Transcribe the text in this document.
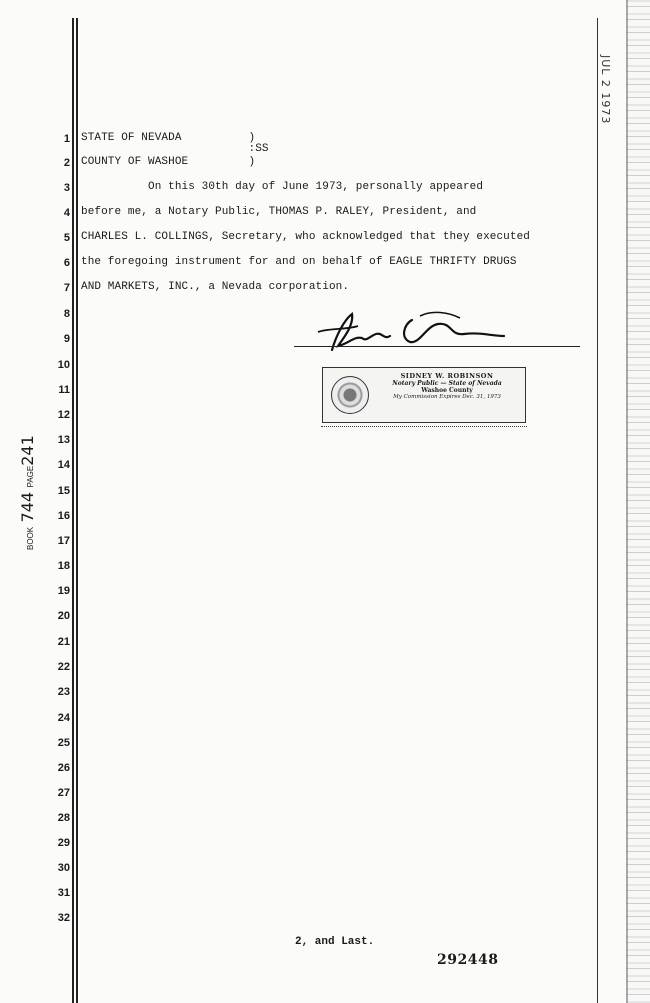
1
2
3
4
5
6
7
8
9
10
11
12
13
14
15
16
17
18
19
20
21
22
23
24
25
26
27
28
29
30
31
32
STATE OF NEVADA          )
:SS
COUNTY OF WASHOE         )
On this 30th day of June 1973, personally appeared
before me, a Notary Public, THOMAS P. RALEY, President, and
CHARLES L. COLLINGS, Secretary, who acknowledged that they executed
the foregoing instrument for and on behalf of EAGLE THRIFTY DRUGS
AND MARKETS, INC., a Nevada corporation.
BOOK 744 PAGE241
JUL 2 1973
SIDNEY W. ROBINSON
Notary Public — State of Nevada
Washoe County
My Commission Expires Dec. 31, 1973
2, and Last.
292448
